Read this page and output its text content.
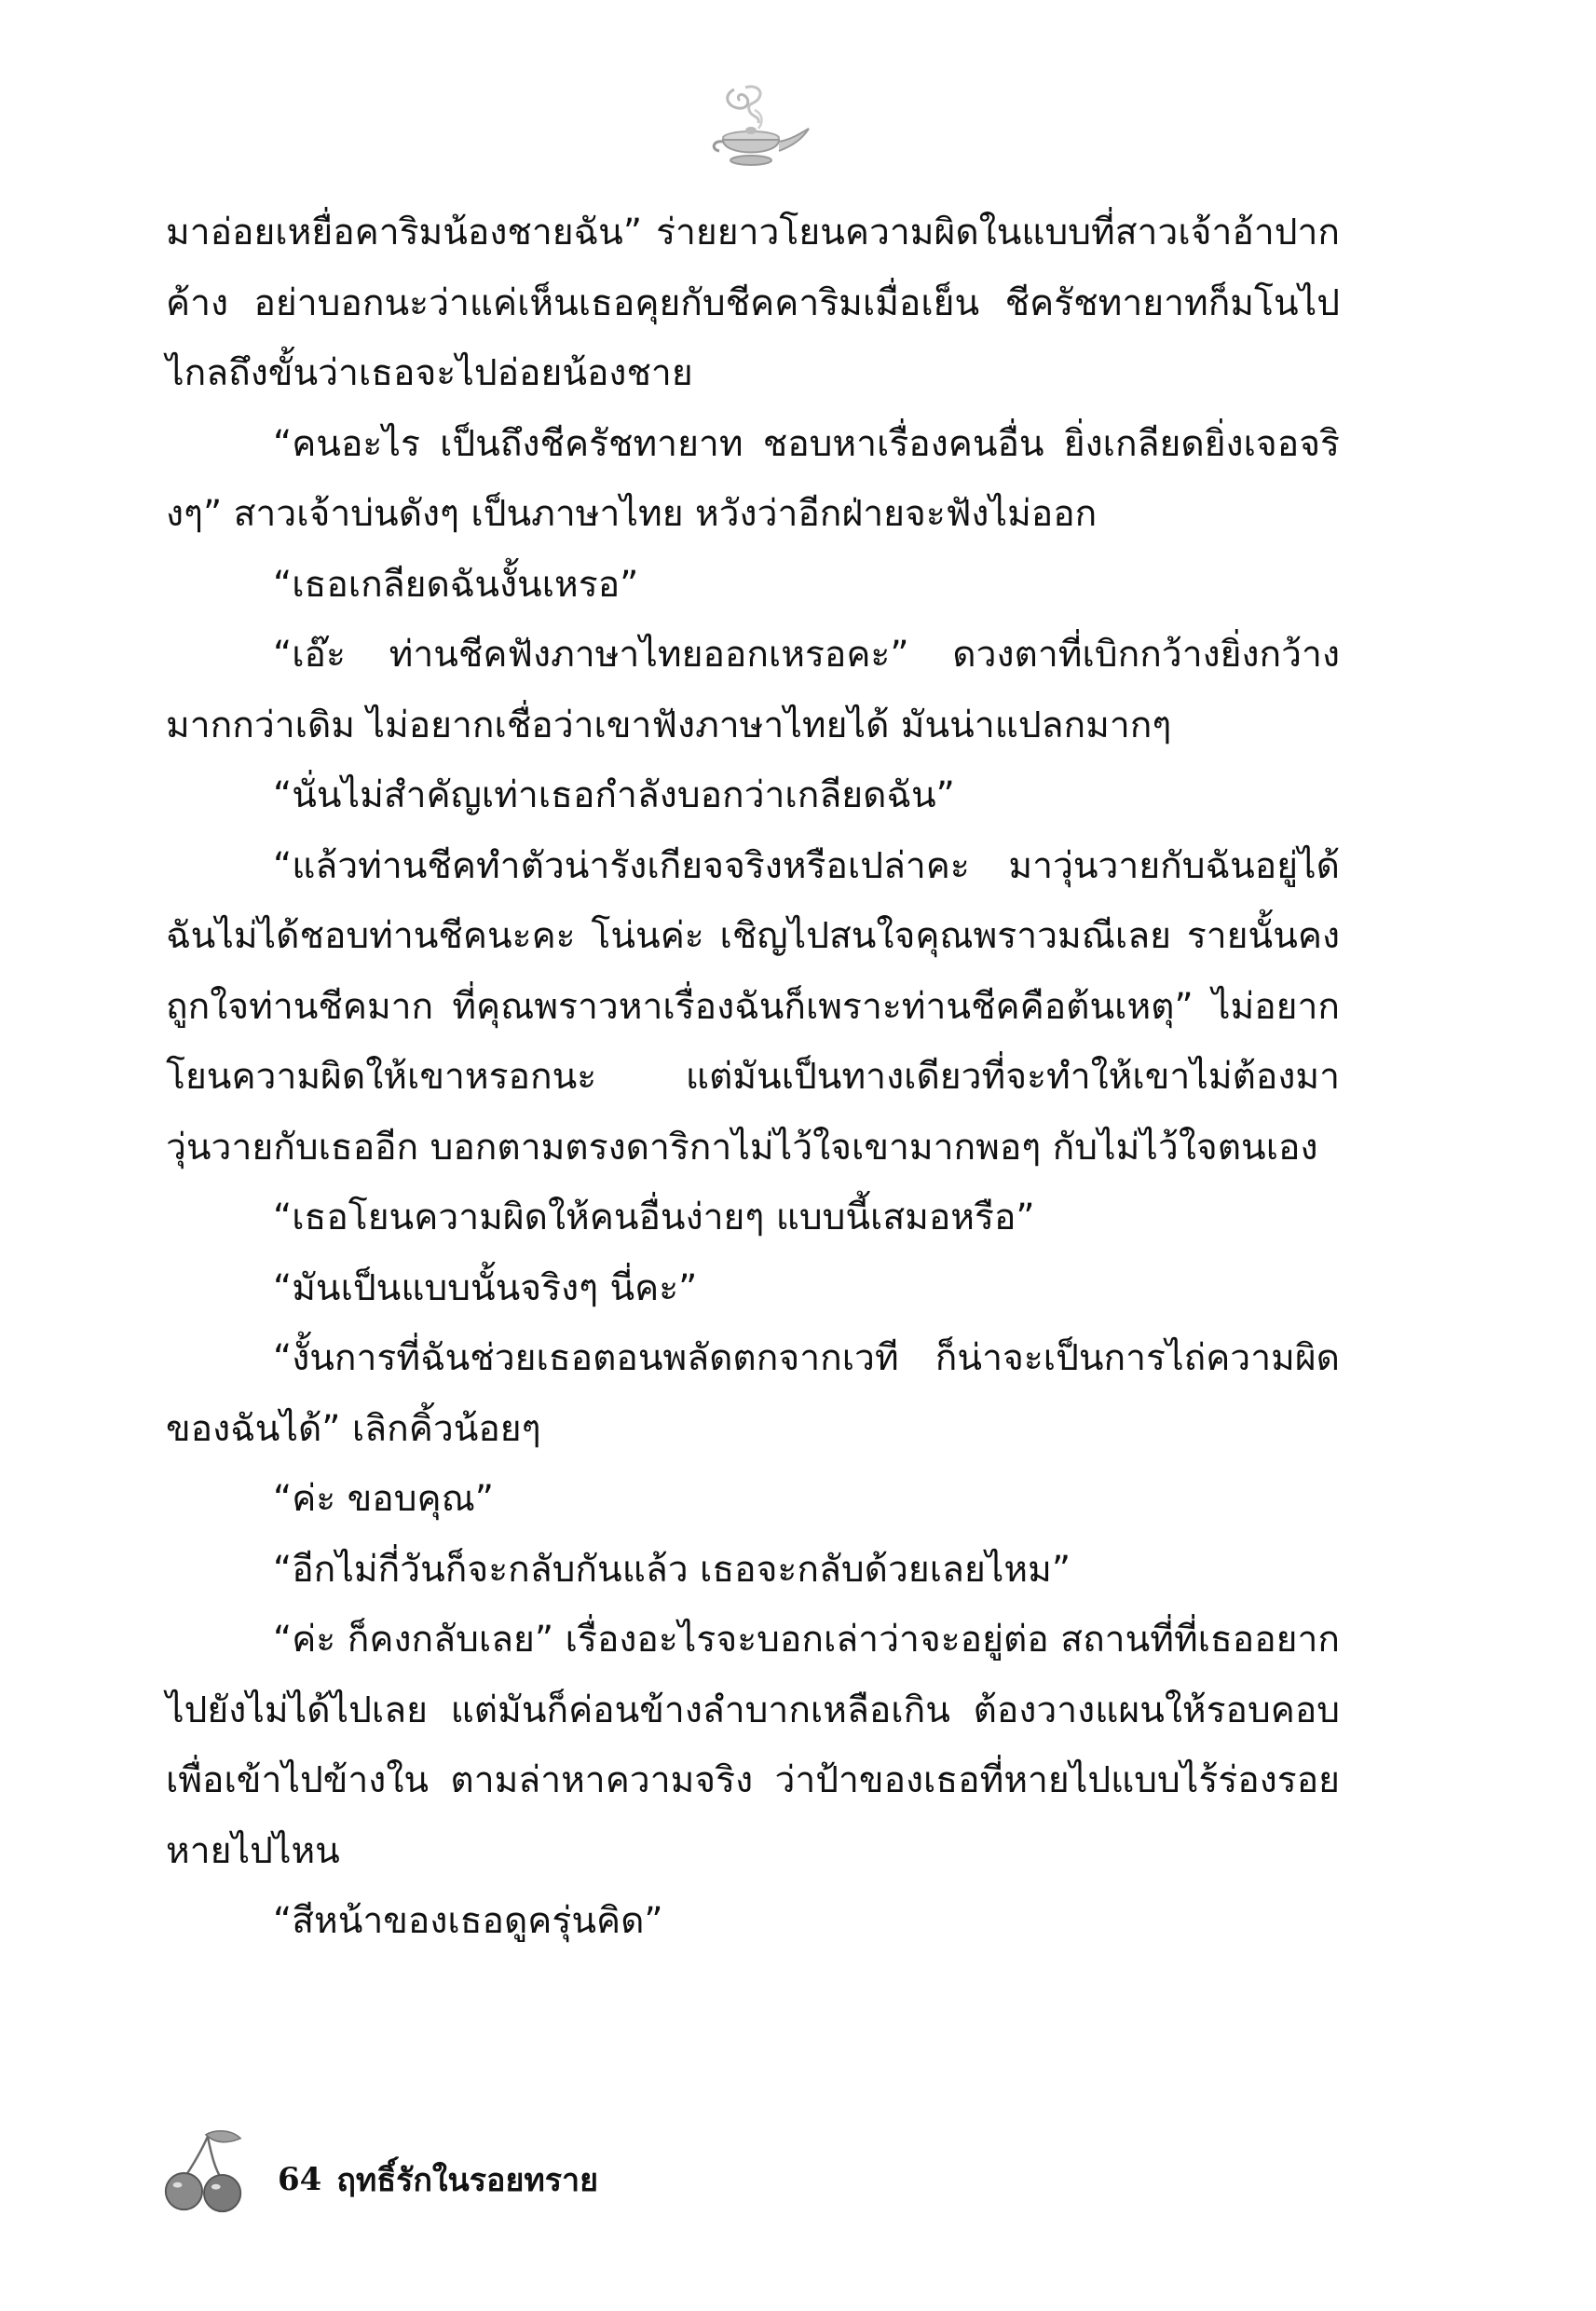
มาอ่อยเหยื่อคาริมน้องชายฉัน” ร่ายยาวโยนความผิดในแบบที่สาวเจ้าอ้าปากค้าง อย่าบอกนะว่าแค่เห็นเธอคุยกับชีคคาริมเมื่อเย็น ชีครัชทายาทก็มโนไปไกลถึงขั้นว่าเธอจะไปอ่อยน้องชาย

“คนอะไร เป็นถึงชีครัชทายาท ชอบหาเรื่องคนอื่น ยิ่งเกลียดยิ่งเจอจริงๆ” สาวเจ้าบ่นดังๆ เป็นภาษาไทย หวังว่าอีกฝ่ายจะฟังไม่ออก

“เธอเกลียดฉันงั้นเหรอ”

“เอ๊ะ ท่านชีคฟังภาษาไทยออกเหรอคะ” ดวงตาที่เบิกกว้างยิ่งกว้างมากกว่าเดิม ไม่อยากเชื่อว่าเขาฟังภาษาไทยได้ มันน่าแปลกมากๆ

“นั่นไม่สำคัญเท่าเธอกำลังบอกว่าเกลียดฉัน”

“แล้วท่านชีคทำตัวน่ารังเกียจจริงหรือเปล่าคะ มาวุ่นวายกับฉันอยู่ได้ ฉันไม่ได้ชอบท่านชีคนะคะ โน่นค่ะ เชิญไปสนใจคุณพราวมณีเลย รายนั้นคงถูกใจท่านชีคมาก ที่คุณพราวหาเรื่องฉันก็เพราะท่านชีคคือต้นเหตุ” ไม่อยากโยนความผิดให้เขาหรอกนะ แต่มันเป็นทางเดียวที่จะทำให้เขาไม่ต้องมาวุ่นวายกับเธออีก บอกตามตรงดาริกาไม่ไว้ใจเขามากพอๆ กับไม่ไว้ใจตนเอง

“เธอโยนความผิดให้คนอื่นง่ายๆ แบบนี้เสมอหรือ”

“มันเป็นแบบนั้นจริงๆ นี่คะ”

“งั้นการที่ฉันช่วยเธอตอนพลัดตกจากเวที ก็น่าจะเป็นการไถ่ความผิดของฉันได้” เลิกคิ้วน้อยๆ

“ค่ะ ขอบคุณ”

“อีกไม่กี่วันก็จะกลับกันแล้ว เธอจะกลับด้วยเลยไหม”

“ค่ะ ก็คงกลับเลย” เรื่องอะไรจะบอกเล่าว่าจะอยู่ต่อ สถานที่ที่เธออยากไปยังไม่ได้ไปเลย แต่มันก็ค่อนข้างลำบากเหลือเกิน ต้องวางแผนให้รอบคอบเพื่อเข้าไปข้างใน ตามล่าหาความจริง ว่าป้าของเธอที่หายไปแบบไร้ร่องรอยหายไปไหน

“สีหน้าของเธอดูครุ่นคิด”

64 ฤทธิ์รักในรอยทราย
